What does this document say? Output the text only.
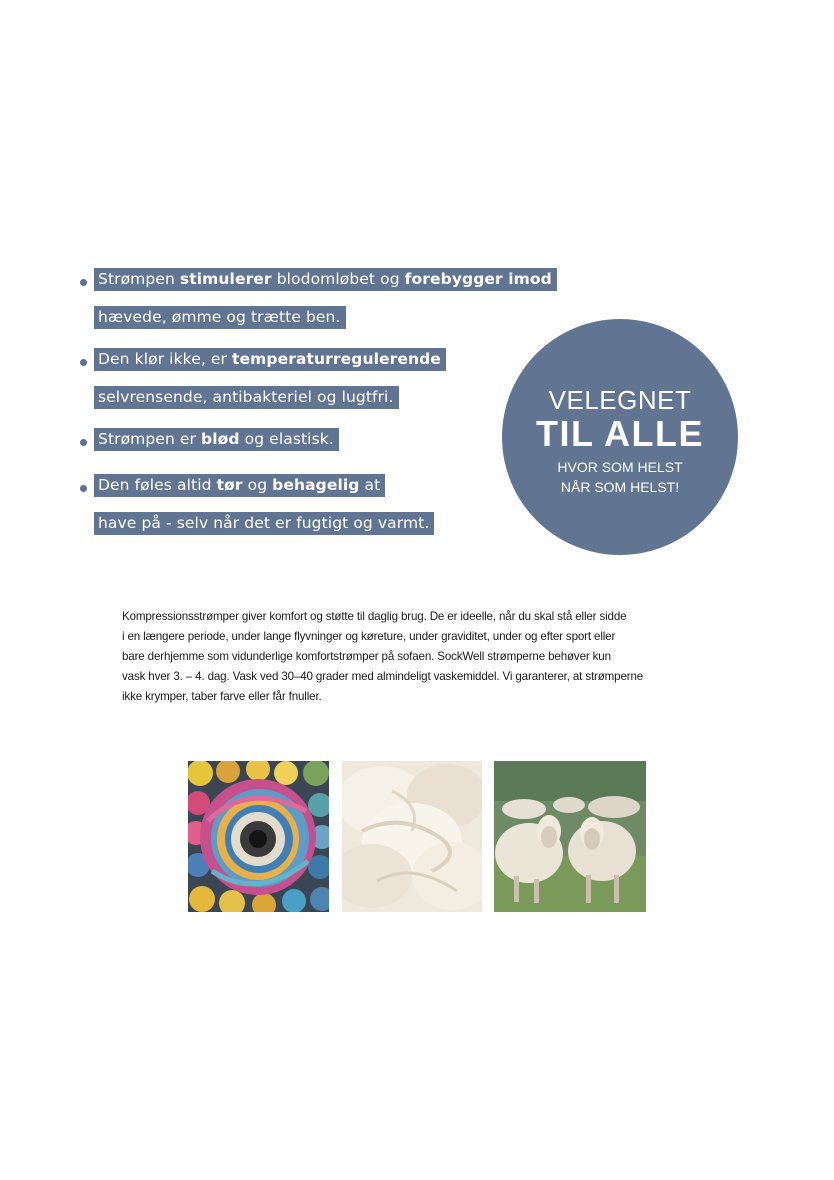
Strømpen stimulerer blodomløbet og forebygger imod
hævede, ømme og trætte ben.
Den klør ikke, er temperaturregulerende
selvrensende, antibakteriel og lugtfri.
Strømpen er blød og elastisk.
Den føles altid tør og behagelig at
have på - selv når det er fugtigt og varmt.
VELEGNET
TIL ALLE
HVOR SOM HELST
NÅR SOM HELST!
Kompressionsstrømper giver komfort og støtte til daglig brug. De er ideelle, når du skal stå eller sidde
i en længere periode, under lange flyvninger og køreture, under graviditet, under og efter sport eller
bare derhjemme som vidunderlige komfortstrømper på sofaen. SockWell strømperne behøver kun
vask hver 3. – 4. dag. Vask ved 30–40 grader med almindeligt vaskemiddel. Vi garanterer, at strømperne
ikke krymper, taber farve eller får fnuller.
